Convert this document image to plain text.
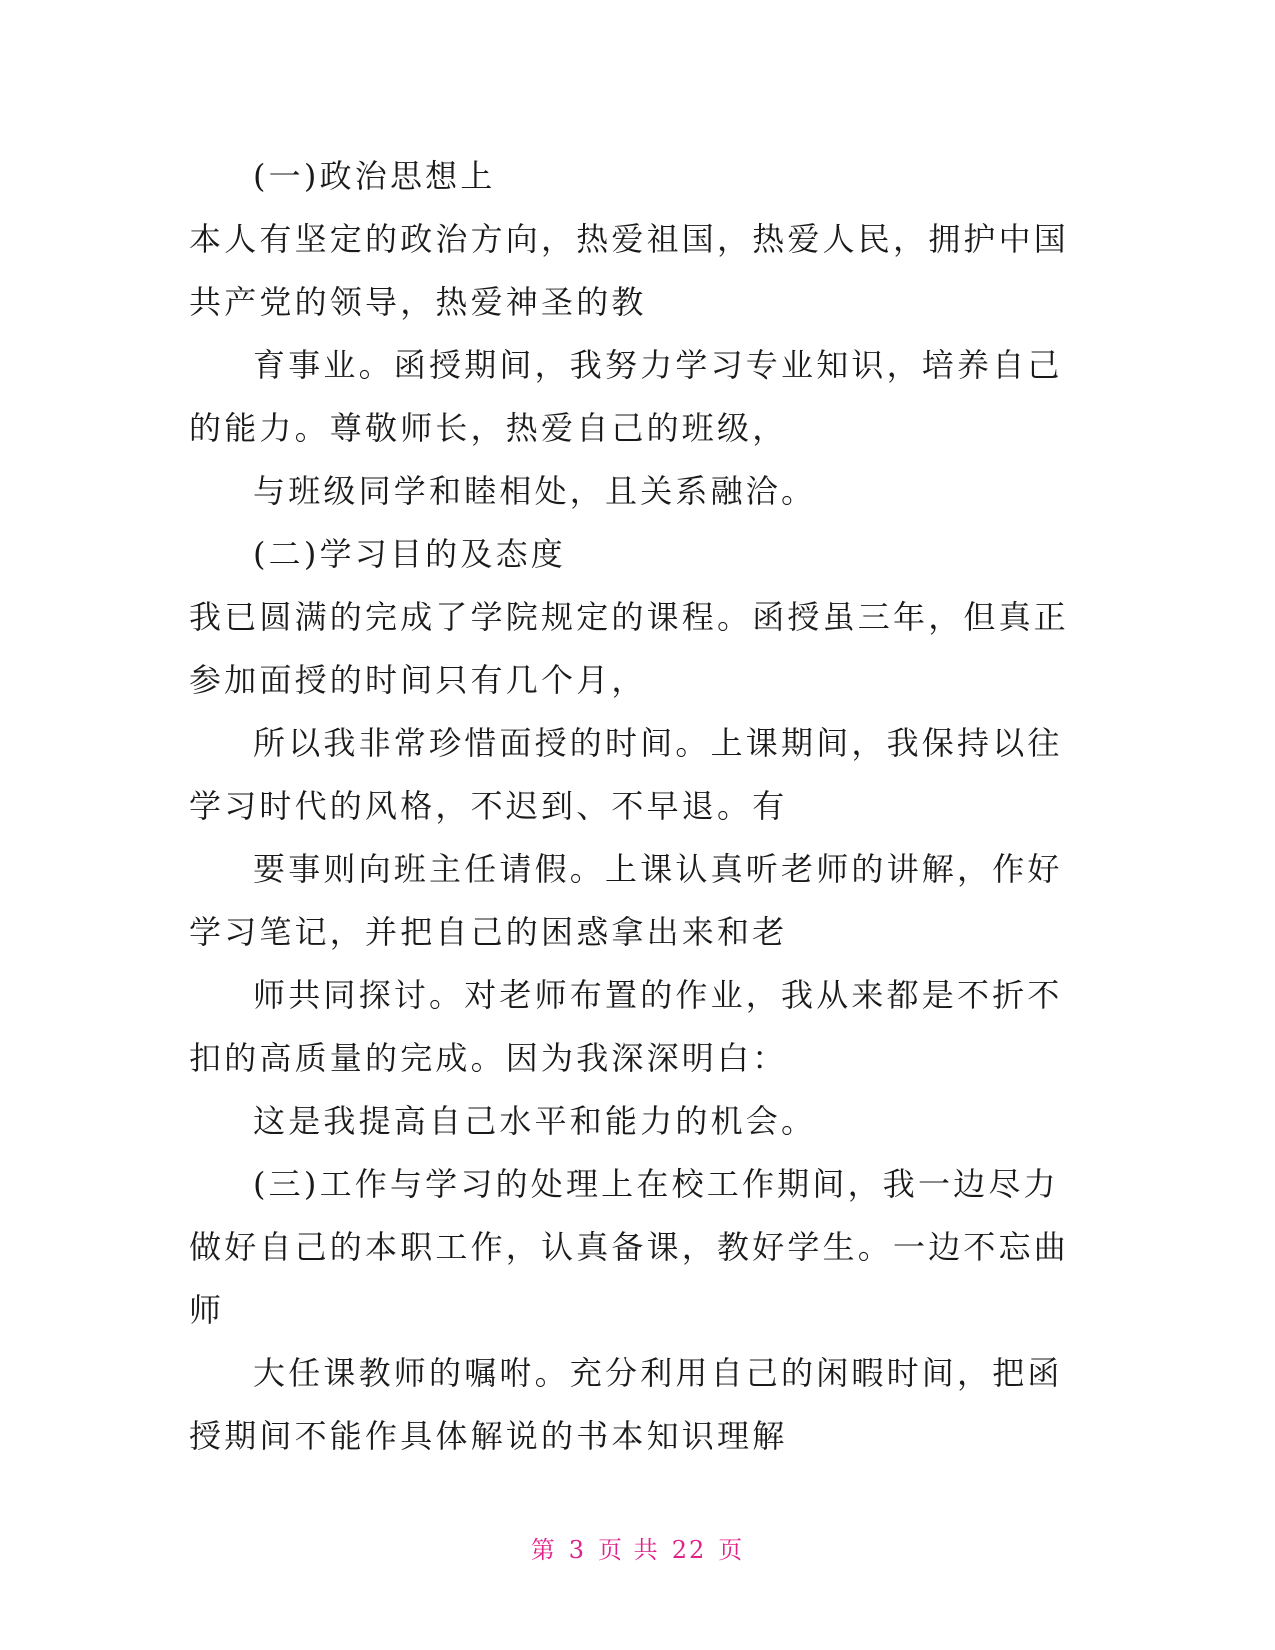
(一)政治思想上

本人有坚定的政治方向，热爱祖国，热爱人民，拥护中国共产党的领导，热爱神圣的教

育事业。函授期间，我努力学习专业知识，培养自己的能力。尊敬师长，热爱自己的班级，

与班级同学和睦相处，且关系融洽。

(二)学习目的及态度

我已圆满的完成了学院规定的课程。函授虽三年，但真正参加面授的时间只有几个月，

所以我非常珍惜面授的时间。上课期间，我保持以往学习时代的风格，不迟到、不早退。有

要事则向班主任请假。上课认真听老师的讲解，作好学习笔记，并把自己的困惑拿出来和老

师共同探讨。对老师布置的作业，我从来都是不折不扣的高质量的完成。因为我深深明白：

这是我提高自己水平和能力的机会。

(三)工作与学习的处理上在校工作期间，我一边尽力做好自己的本职工作，认真备课，教好学生。一边不忘曲师

大任课教师的嘱咐。充分利用自己的闲暇时间，把函授期间不能作具体解说的书本知识理解

第 3 页 共 22 页
